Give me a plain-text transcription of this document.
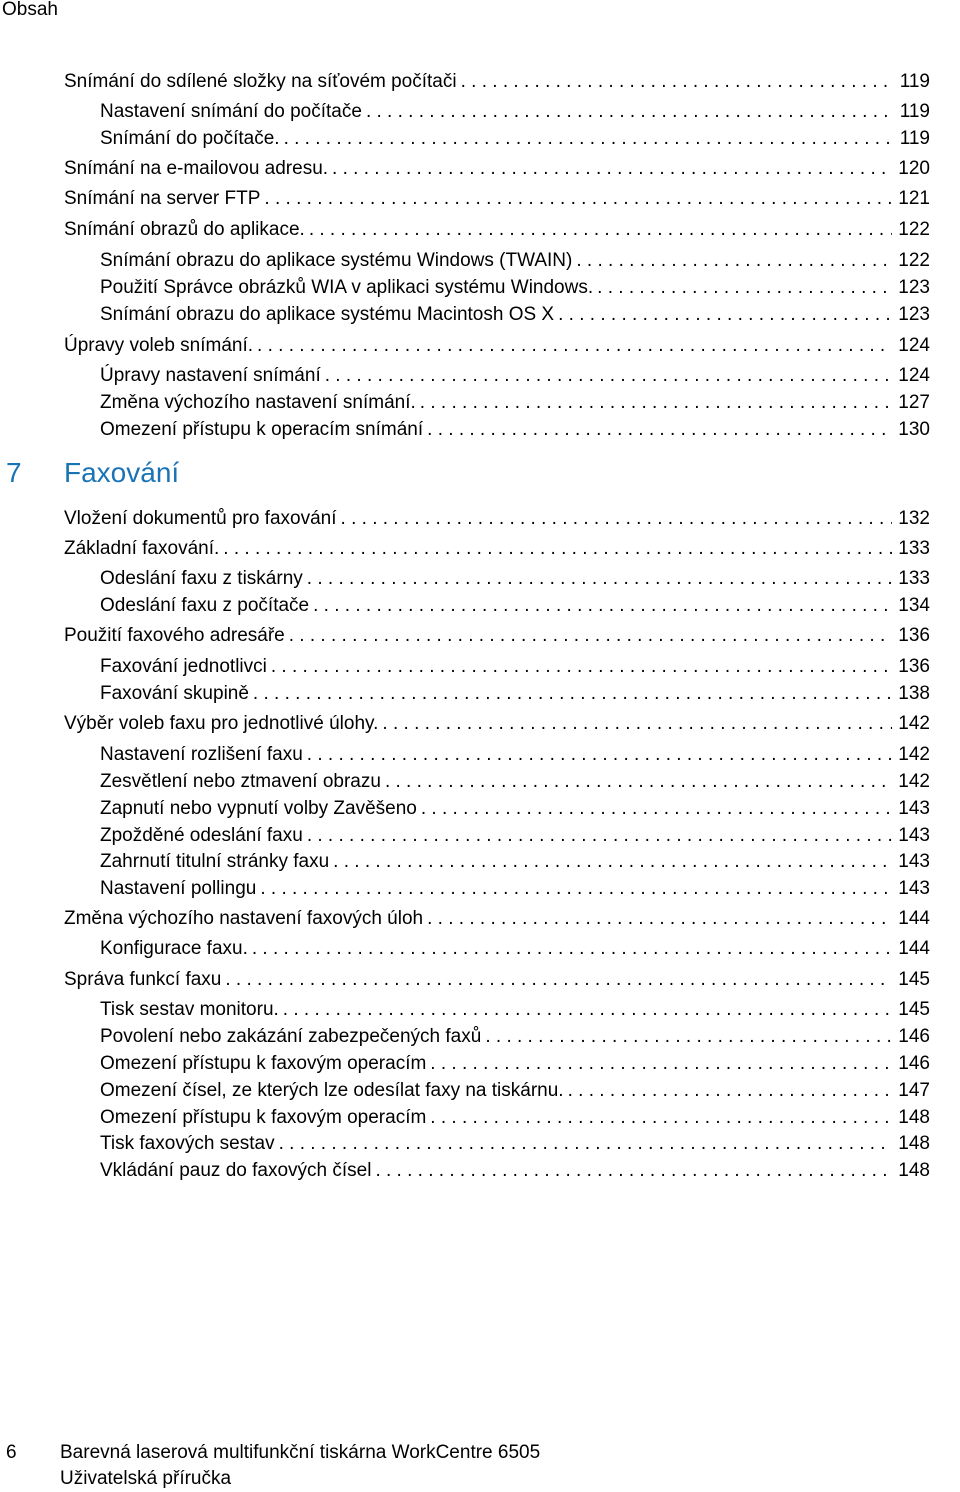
Obsah
Snímání do sdílené složky na síťovém počítači . . .	119
Nastavení snímání do počítače . . .	119
Snímání do počítače. . . .	119
Snímání na e-mailovou adresu. . . .	120
Snímání na server FTP . . .	121
Snímání obrazů do aplikace. . . .	122
Snímání obrazu do aplikace systému Windows (TWAIN) . . .	122
Použití Správce obrázků WIA v aplikaci systému Windows. . . .	123
Snímání obrazu do aplikace systému Macintosh OS X . . .	123
Úpravy voleb snímání. . . .	124
Úpravy nastavení snímání . . .	124
Změna výchozího nastavení snímání. . . .	127
Omezení přístupu k operacím snímání . . .	130
Vložení dokumentů pro faxování . . .	132
Základní faxování. . . .	133
Odeslání faxu z tiskárny . . .	133
Odeslání faxu z počítače . . .	134
Použití faxového adresáře . . .	136
Faxování jednotlivci . . .	136
Faxování skupině . . .	138
Výběr voleb faxu pro jednotlivé úlohy. . . .	142
Nastavení rozlišení faxu . . .	142
Zesvětlení nebo ztmavení obrazu . . .	142
Zapnutí nebo vypnutí volby Zavěšeno . . .	143
Zpožděné odeslání faxu . . .	143
Zahrnutí titulní stránky faxu . . .	143
Nastavení pollingu . . .	143
Změna výchozího nastavení faxových úloh . . .	144
Konfigurace faxu. . . .	144
Správa funkcí faxu . . .	145
Tisk sestav monitoru. . . .	145
Povolení nebo zakázání zabezpečených faxů . . .	146
Omezení přístupu k faxovým operacím . . .	146
Omezení čísel, ze kterých lze odesílat faxy na tiskárnu. . . .	147
Omezení přístupu k faxovým operacím . . .	148
Tisk faxových sestav . . .	148
Vkládání pauz do faxových čísel . . .	148
7 Faxování
6 Barevná laserová multifunkční tiskárna WorkCentre 6505
Uživatelská příručka
